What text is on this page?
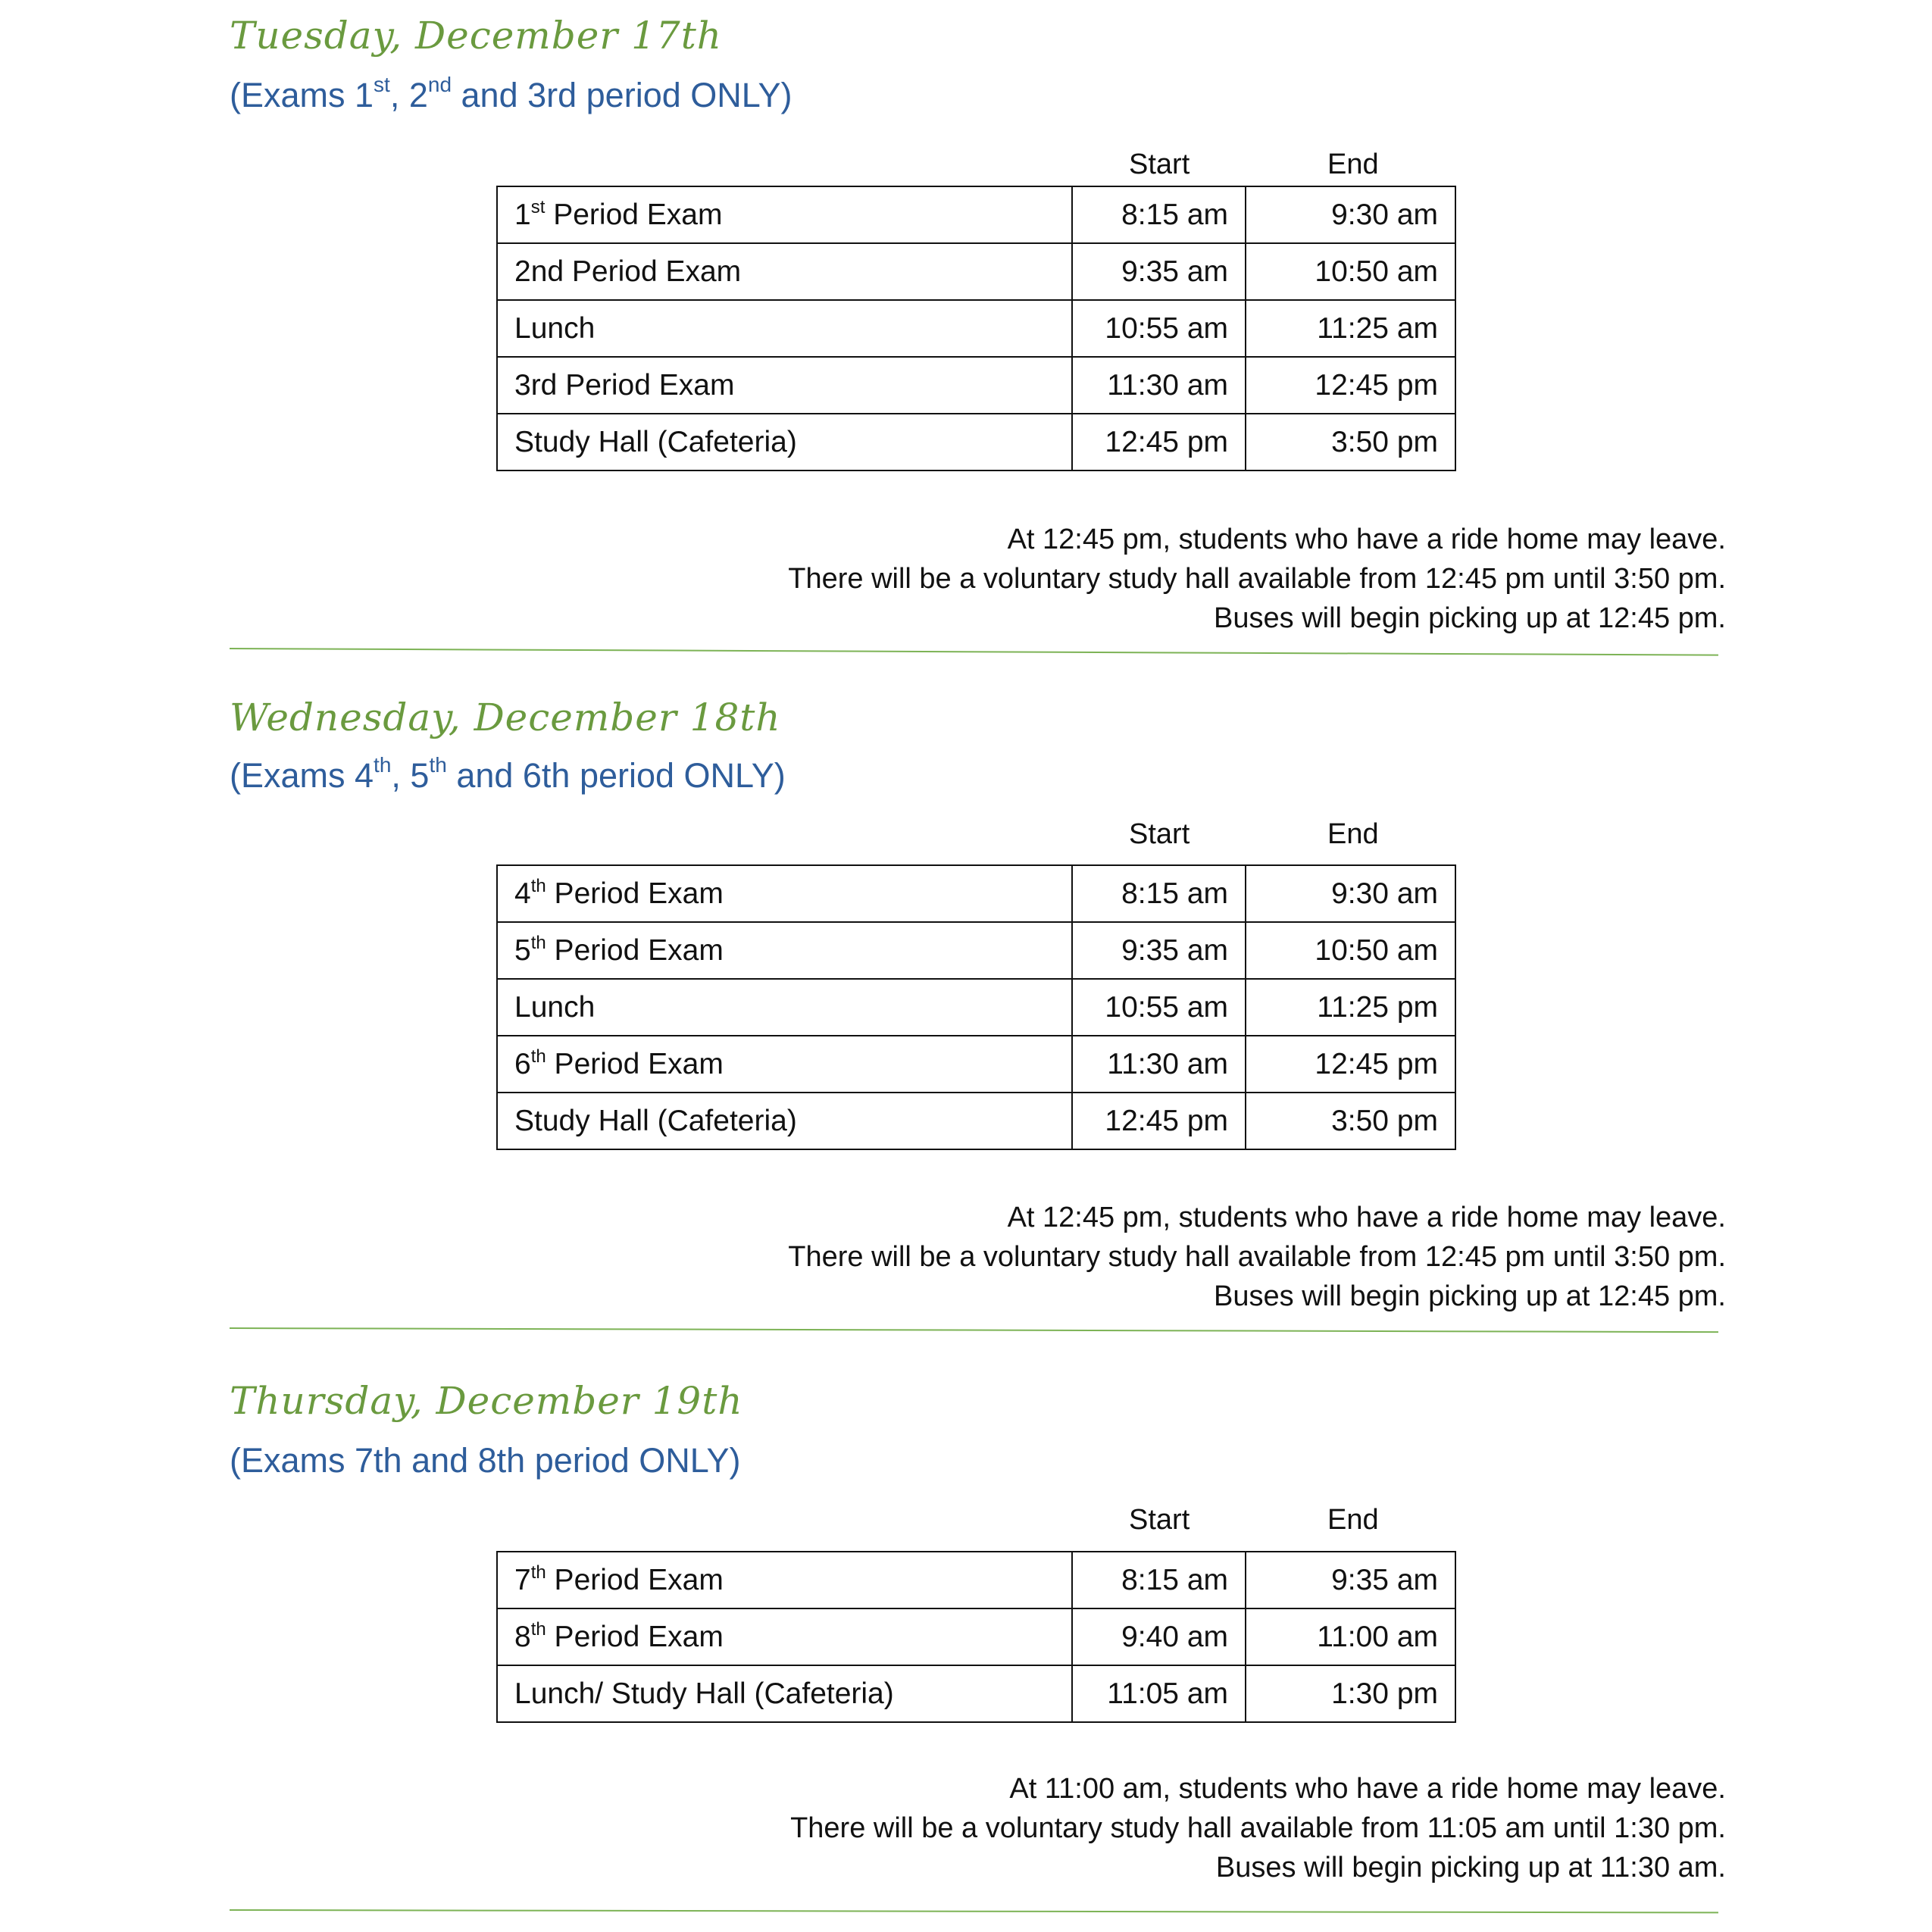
Tuesday, December 17th
(Exams 1st, 2nd and 3rd period ONLY)
Start	End
1st Period Exam	8:15 am	9:30 am
2nd Period Exam	9:35 am	10:50 am
Lunch	10:55 am	11:25 am
3rd Period Exam	11:30 am	12:45 pm
Study Hall (Cafeteria)	12:45 pm	3:50 pm
At 12:45 pm, students who have a ride home may leave.
There will be a voluntary study hall available from 12:45 pm until 3:50 pm.
Buses will begin picking up at 12:45 pm.
Wednesday, December 18th
(Exams 4th, 5th and 6th period ONLY)
Start	End
4th Period Exam	8:15 am	9:30 am
5th Period Exam	9:35 am	10:50 am
Lunch	10:55 am	11:25 pm
6th Period Exam	11:30 am	12:45 pm
Study Hall (Cafeteria)	12:45 pm	3:50 pm
At 12:45 pm, students who have a ride home may leave.
There will be a voluntary study hall available from 12:45 pm until 3:50 pm.
Buses will begin picking up at 12:45 pm.
Thursday, December 19th
(Exams 7th and 8th period ONLY)
Start	End
7th Period Exam	8:15 am	9:35 am
8th Period Exam	9:40 am	11:00 am
Lunch/ Study Hall (Cafeteria)	11:05 am	1:30 pm
At 11:00 am, students who have a ride home may leave.
There will be a voluntary study hall available from 11:05 am until 1:30 pm.
Buses will begin picking up at 11:30 am.
